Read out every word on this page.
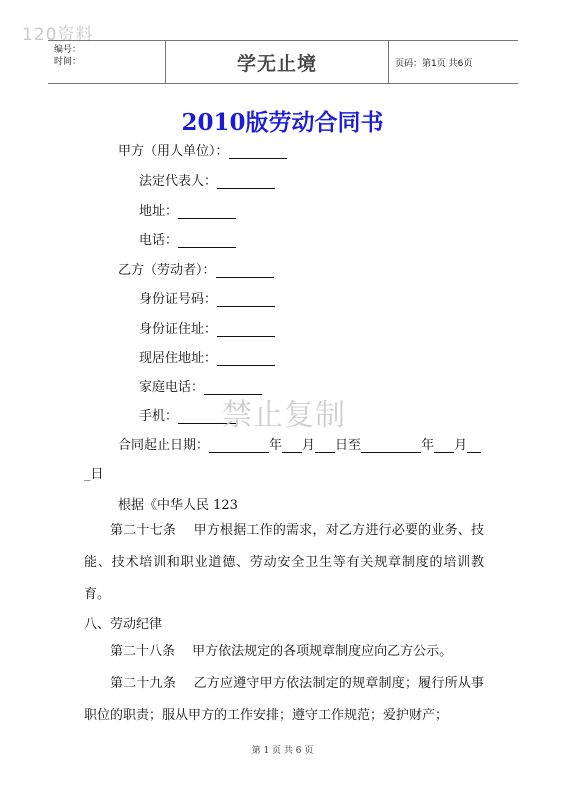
120资料
编号：
时间：	学无止境	页码：第1页 共6页
2010版劳动合同书
甲方（用人单位）：
法定代表人：
地址：
电话：
乙方（劳动者）：
身份证号码：
身份证住址：
现居住地址：
家庭电话：
手机：
合同起止日期：	年 月 日至	年 月
_日
根据《中华人民 123
第二十七条　 甲方根据工作的需求，对乙方进行必要的业务、技能、技术培训和职业道德、劳动安全卫生等有关规章制度的培训教育。
八、劳动纪律
第二十八条　 甲方依法规定的各项规章制度应向乙方公示。
第二十九条　 乙方应遵守甲方依法制定的规章制度；履行所从事职位的职责；服从甲方的工作安排；遵守工作规范；爱护财产；
禁止复制
第 1 页 共 6 页
